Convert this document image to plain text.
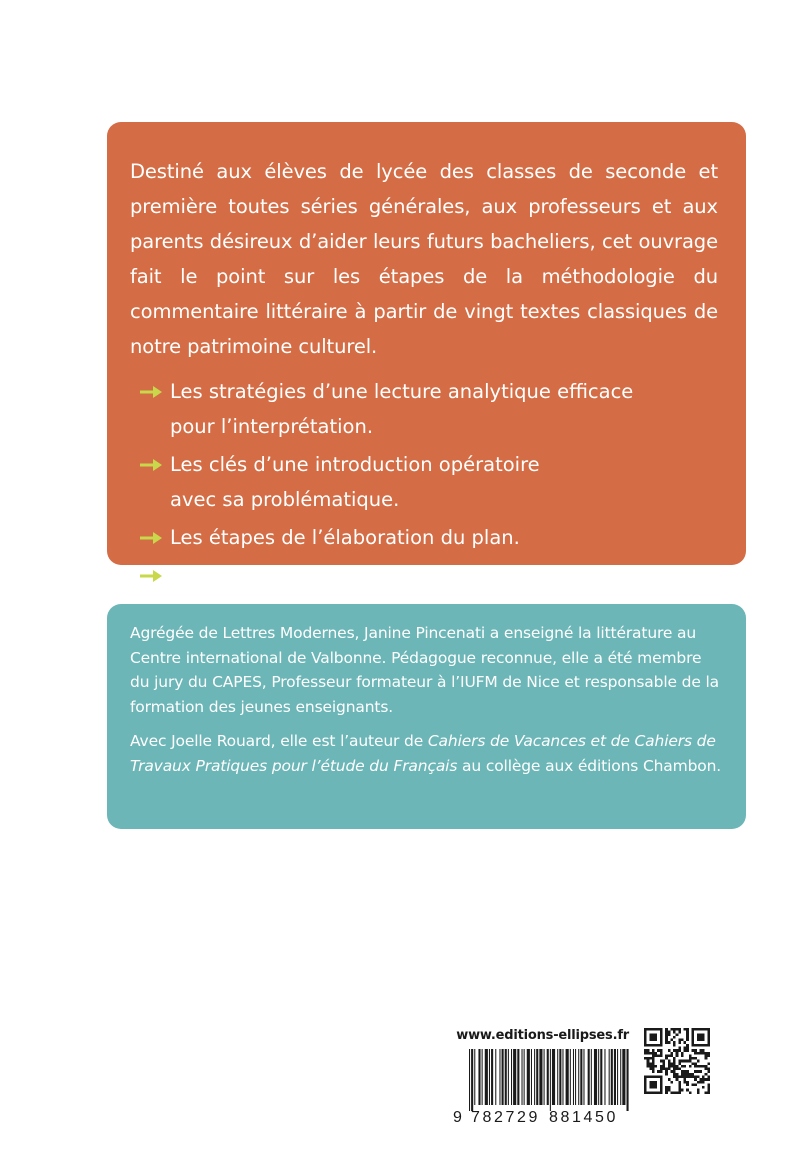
Destiné aux élèves de lycée des classes de seconde et première toutes séries générales, aux professeurs et aux parents désireux d’aider leurs futurs bacheliers, cet ouvrage fait le point sur les étapes de la méthodologie du commentaire littéraire à partir de vingt textes classiques de notre patrimoine culturel.

Les stratégies d’une lecture analytique efficace
pour l’interprétation.
Les clés d’une introduction opératoire
avec sa problématique.
Les étapes de l’élaboration du plan.
Les outils pour rédiger les paragraphes.

Agrégée de Lettres Modernes, Janine Pincenati a enseigné la littérature au Centre international de Valbonne. Pédagogue reconnue, elle a été membre du jury du CAPES, Professeur formateur à l’IUFM de Nice et responsable de la formation des jeunes enseignants.

Avec Joelle Rouard, elle est l’auteur de Cahiers de Vacances et de Cahiers de Travaux Pratiques pour l’étude du Français au collège aux éditions Chambon.

www.editions-ellipses.fr
9 782729 881450
